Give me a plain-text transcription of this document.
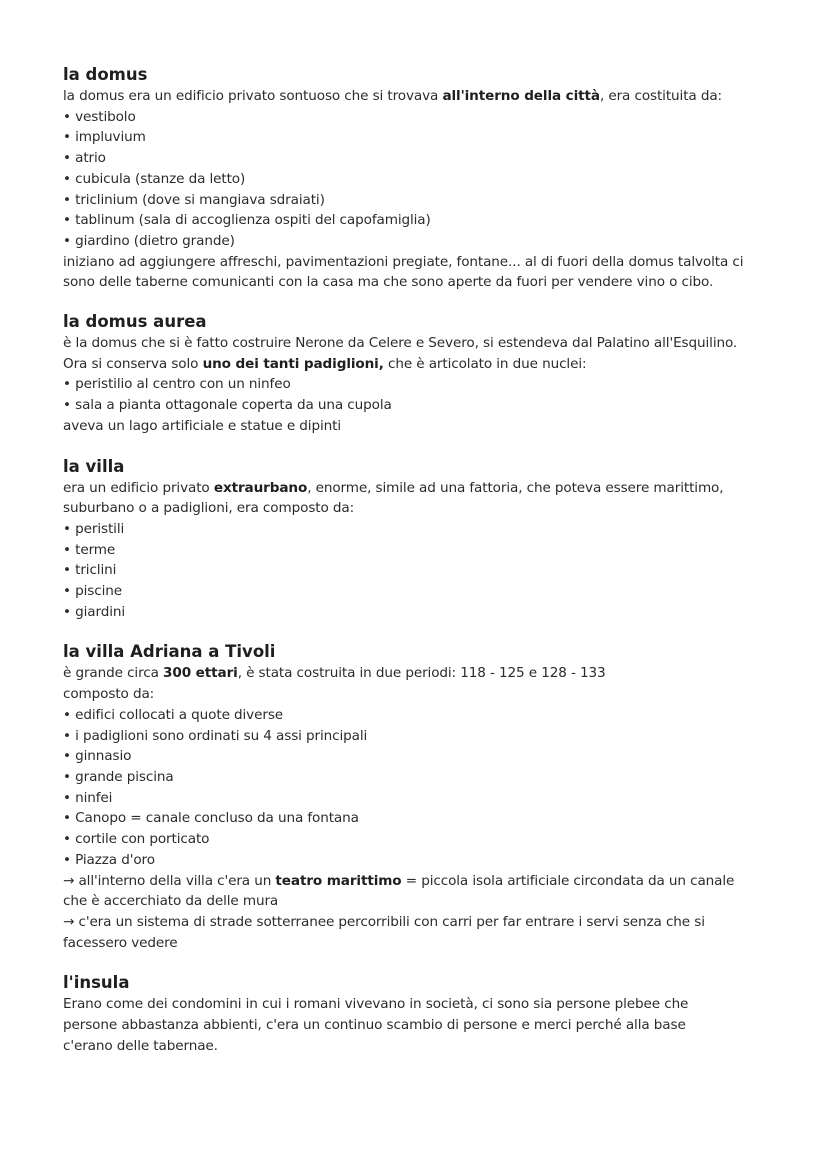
la domus

la domus era un edificio privato sontuoso che si trovava all'interno della città, era costituita da:

• vestibolo

• impluvium

• atrio

• cubicula (stanze da letto)

• triclinium (dove si mangiava sdraiati)

• tablinum (sala di accoglienza ospiti del capofamiglia)

• giardino (dietro grande)

iniziano ad aggiungere affreschi, pavimentazioni pregiate, fontane... al di fuori della domus talvolta ci

sono delle taberne comunicanti con la casa ma che sono aperte da fuori per vendere vino o cibo.

la domus aurea

è la domus che si è fatto costruire Nerone da Celere e Severo, si estendeva dal Palatino all'Esquilino.

Ora si conserva solo uno dei tanti padiglioni, che è articolato in due nuclei:

• peristilio al centro con un ninfeo

• sala a pianta ottagonale coperta da una cupola

aveva un lago artificiale e statue e dipinti

la villa

era un edificio privato extraurbano, enorme, simile ad una fattoria, che poteva essere marittimo,

suburbano o a padiglioni, era composto da:

• peristili

• terme

• triclini

• piscine

• giardini

la villa Adriana a Tivoli

è grande circa 300 ettari, è stata costruita in due periodi: 118 - 125 e 128 - 133

composto da:

• edifici collocati a quote diverse

• i padiglioni sono ordinati su 4 assi principali

• ginnasio

• grande piscina

• ninfei

• Canopo = canale concluso da una fontana

• cortile con porticato

• Piazza d'oro

→ all'interno della villa c'era un teatro marittimo = piccola isola artificiale circondata da un canale

che è accerchiato da delle mura

→ c'era un sistema di strade sotterranee percorribili con carri per far entrare i servi senza che si

facessero vedere

l'insula

Erano come dei condomini in cui i romani vivevano in società, ci sono sia persone plebee che

persone abbastanza abbienti, c'era un continuo scambio di persone e merci perché alla base

c'erano delle tabernae.
